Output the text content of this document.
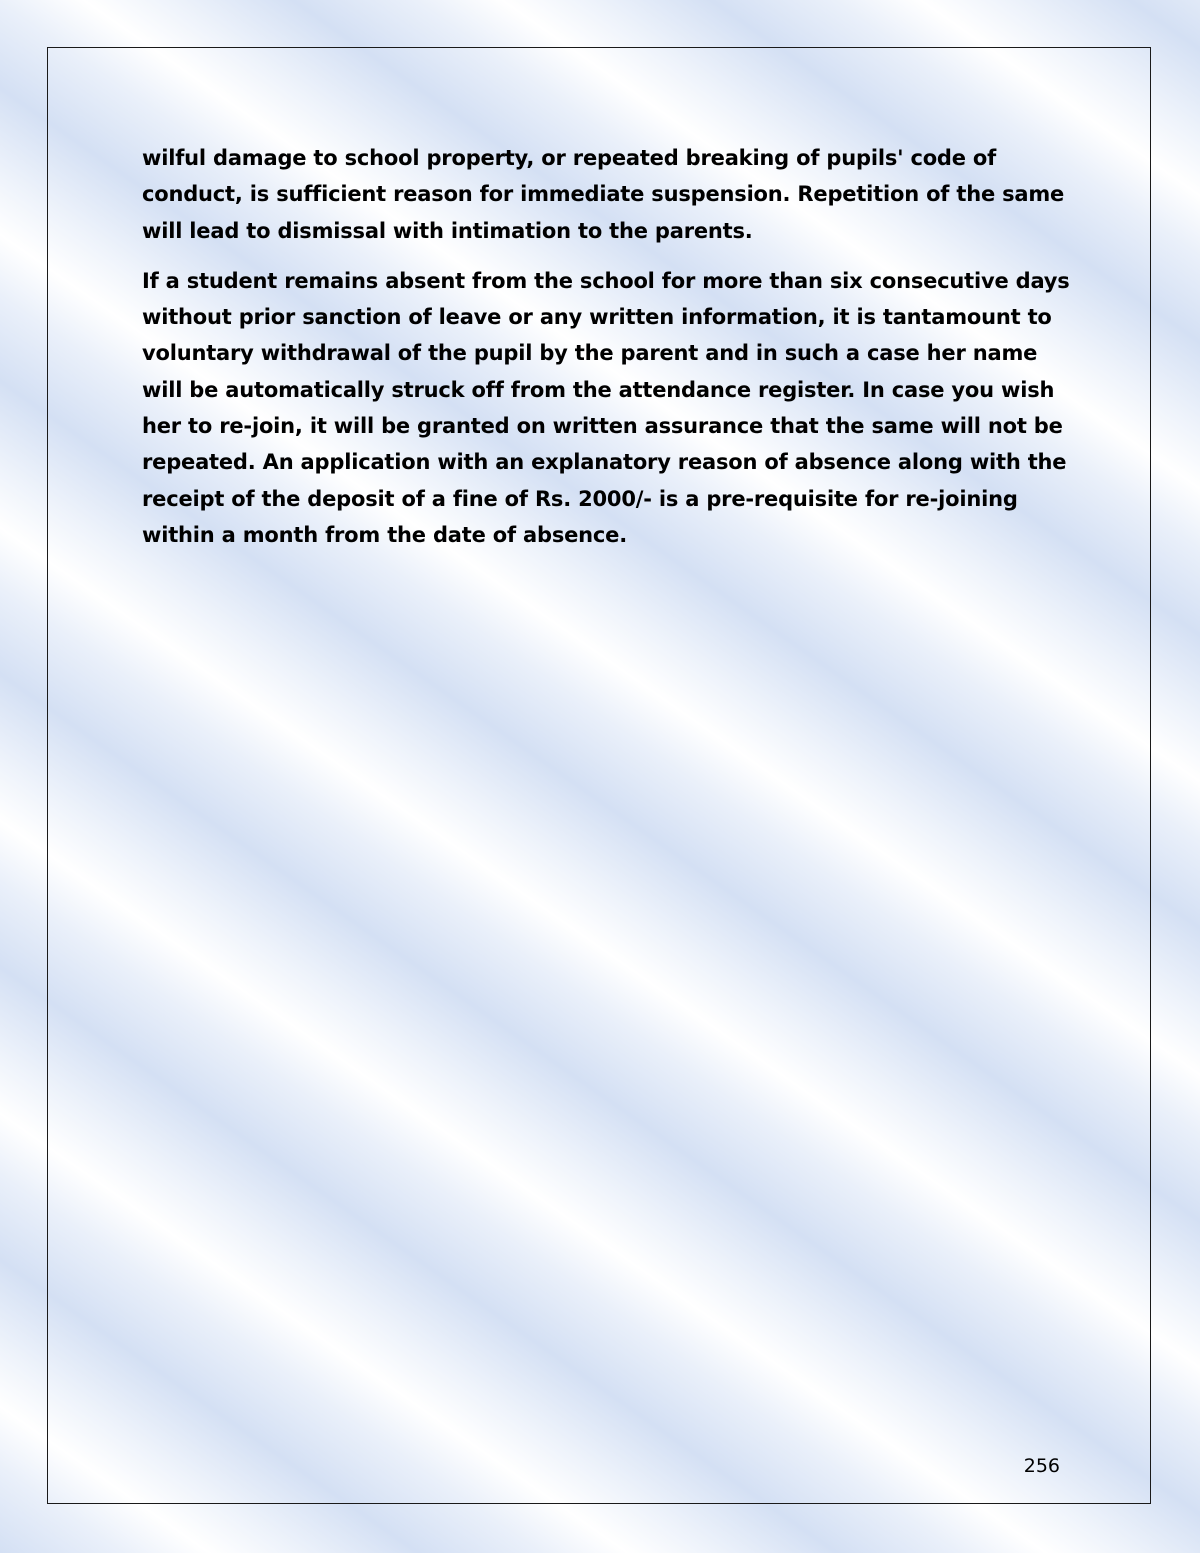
wilful damage to school property, or repeated breaking of pupils' code of conduct, is sufficient reason for immediate suspension. Repetition of the same will lead to dismissal with intimation to the parents.

If a student remains absent from the school for more than six consecutive days without prior sanction of leave or any written information, it is tantamount to voluntary withdrawal of the pupil by the parent and in such a case her name will be automatically struck off from the attendance register. In case you wish her to re-join, it will be granted on written assurance that the same will not be repeated. An application with an explanatory reason of absence along with the receipt of the deposit of a fine of Rs. 2000/- is a pre-requisite for re-joining within a month from the date of absence.

256
